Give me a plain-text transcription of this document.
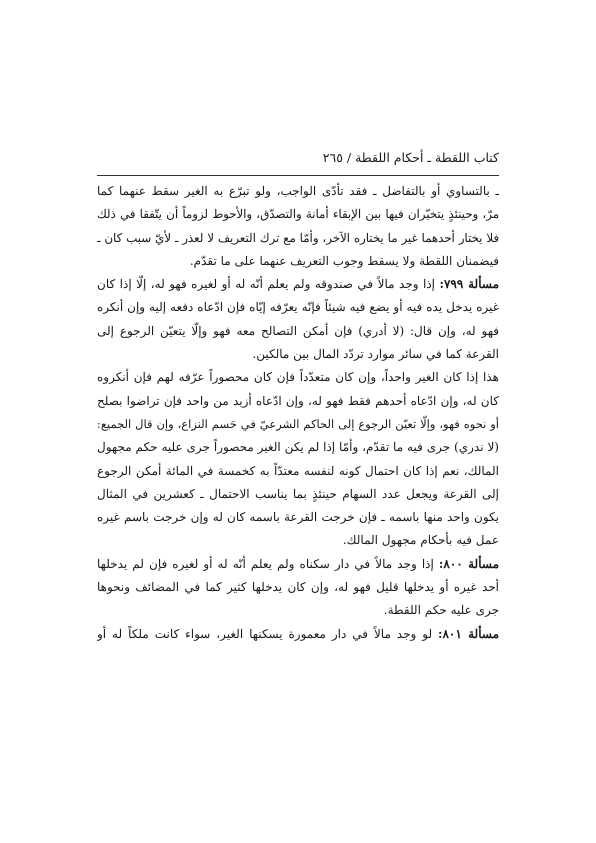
كتاب اللقطة ـ أحكام اللقطة / ٢٦٥
ـ بالتساوي أو بالتفاضل ـ فقد تأدّى الواجب، ولو تبرّع به الغير سقط عنهما كما
مرّ، وحينئذٍ يتخيّران فيها بين الإبقاء أمانة والتصدّق، والأحوط لزوماً أن يتّفقا في ذلك
فلا يختار أحدهما غير ما يختاره الآخر، وأمّا مع ترك التعريف لا لعذر ـ لأيّ سبب كان ـ
فيضمنان اللقطة ولا يسقط وجوب التعريف عنهما على ما تقدّم.
مسألة ٧٩٩: إذا وجد مالاً في صندوقه ولم يعلم أنّه له أو لغيره فهو له، إلّا إذا كان
غيره يدخل يده فيه أو يضع فيه شيئاً فإنّه يعرّفه إيّاه فإن ادّعاه دفعه إليه وإن أنكره
فهو له، وإن قال: (لا أدري) فإن أمكن التصالح معه فهو وإلّا يتعيّن الرجوع إلى
القرعة كما في سائر موارد تردّد المال بين مالكين.
هذا إذا كان الغير واحداً، وإن كان متعدّداً فإن كان محصوراً عرّفه لهم فإن أنكروه
كان له، وإن ادّعاه أحدهم فقط فهو له، وإن ادّعاه أزيد من واحد فإن تراضوا بصلح
أو نحوه فهو، وإلّا تعيّن الرجوع إلى الحاكم الشرعيّ في حَسم النزاع، وإن قال الجميع:
(لا ندري) جرى فيه ما تقدّم، وأمّا إذا لم يكن الغير محصوراً جرى عليه حكم مجهول
المالك، نعم إذا كان احتمال كونه لنفسه معتدّاً به كخمسة في المائة أمكن الرجوع
إلى القرعة ويجعل عدد السهام حينئذٍ بما يناسب الاحتمال ـ كعشرين في المثال
يكون واحد منها باسمه ـ فإن خرجت القرعة باسمه كان له وإن خرجت باسم غيره
عمل فيه بأحكام مجهول المالك.
مسألة ٨٠٠: إذا وجد مالاً في دار سكناه ولم يعلم أنّه له أو لغيره فإن لم يدخلها
أحد غيره أو يدخلها قليل فهو له، وإن كان يدخلها كثير كما في المضائف ونحوها
جرى عليه حكم اللقطة.
مسألة ٨٠١: لو وجد مالاً في دار معمورة يسكنها الغير، سواء كانت ملكاً له أو
